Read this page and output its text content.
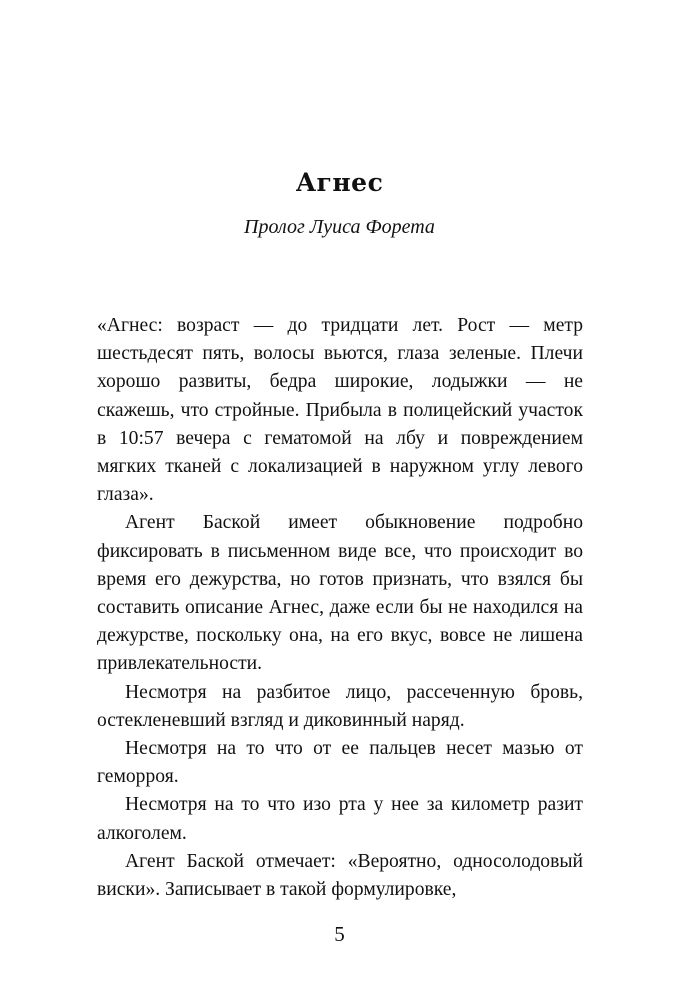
Агнес
Пролог Луиса Форета

«Агнес: возраст — до тридцати лет. Рост — метр шестьдесят пять, волосы вьются, глаза зеленые. Плечи хорошо развиты, бедра широкие, лодыжки — не скажешь, что стройные. Прибыла в полицейский участок в 10:57 вечера с гематомой на лбу и повреждением мягких тканей с локализацией в наружном углу левого глаза».

Агент Баской имеет обыкновение подробно фиксировать в письменном виде все, что происходит во время его дежурства, но готов признать, что взялся бы составить описание Агнес, даже если бы не находился на дежурстве, поскольку она, на его вкус, вовсе не лишена привлекательности.

Несмотря на разбитое лицо, рассеченную бровь, остекленевший взгляд и диковинный наряд.

Несмотря на то что от ее пальцев несет мазью от геморроя.

Несмотря на то что изо рта у нее за километр разит алкоголем.

Агент Баской отмечает: «Вероятно, односолодовый виски». Записывает в такой формулировке,

5
